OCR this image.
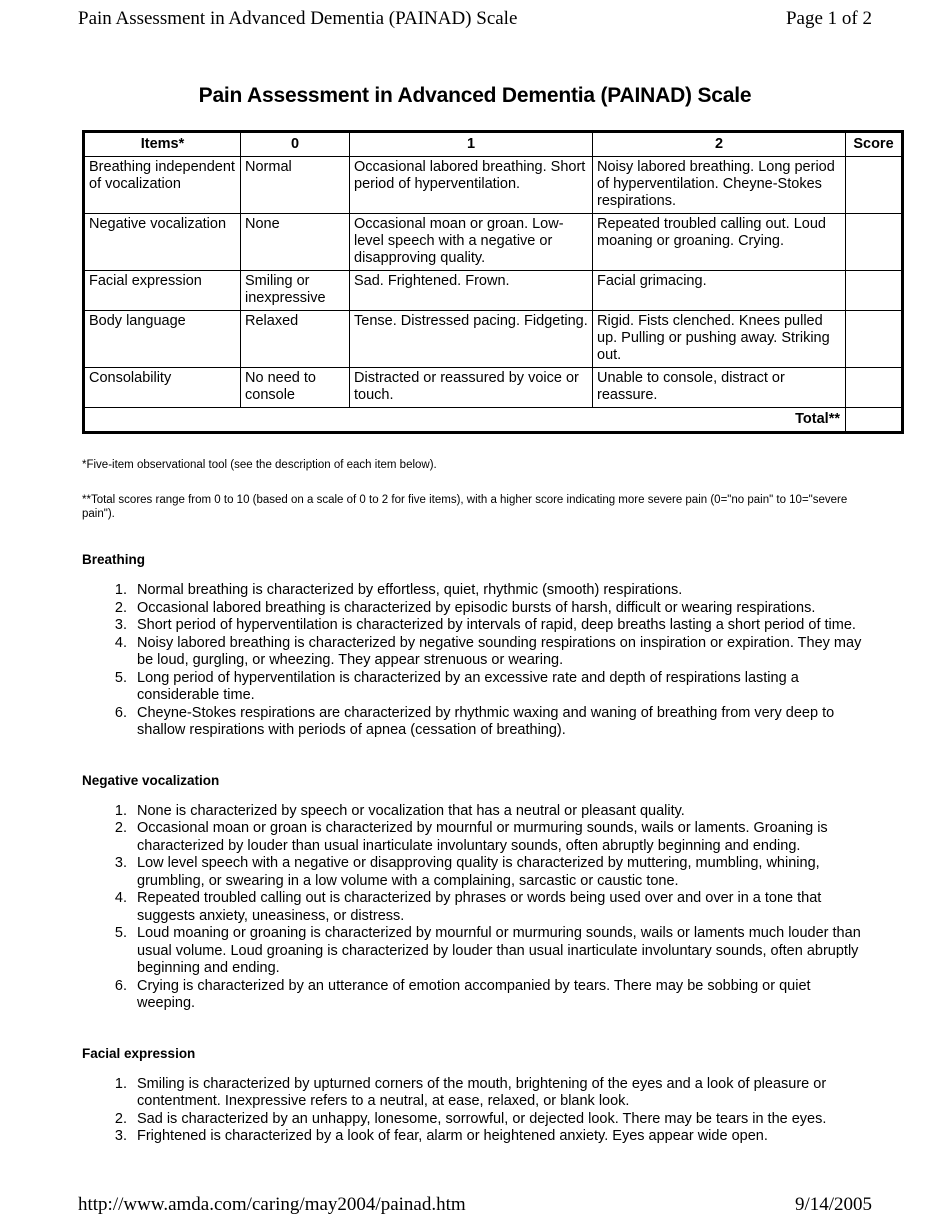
Pain Assessment in Advanced Dementia (PAINAD) Scale	Page 1 of 2
Pain Assessment in Advanced Dementia (PAINAD) Scale
Items*	0	1	2	Score
Breathing independent of vocalization	Normal	Occasional labored breathing. Short period of hyperventilation.	Noisy labored breathing. Long period of hyperventilation. Cheyne-Stokes respirations.	
Negative vocalization	None	Occasional moan or groan. Low-level speech with a negative or disapproving quality.	Repeated troubled calling out. Loud moaning or groaning. Crying.	
Facial expression	Smiling or inexpressive	Sad. Frightened. Frown.	Facial grimacing.	
Body language	Relaxed	Tense. Distressed pacing. Fidgeting.	Rigid. Fists clenched. Knees pulled up. Pulling or pushing away. Striking out.	
Consolability	No need to console	Distracted or reassured by voice or touch.	Unable to console, distract or reassure.	
Total**				

*Five-item observational tool (see the description of each item below).

**Total scores range from 0 to 10 (based on a scale of 0 to 2 for five items), with a higher score indicating more severe pain (0="no pain" to 10="severe pain").

Breathing
1. Normal breathing is characterized by effortless, quiet, rhythmic (smooth) respirations.
2. Occasional labored breathing is characterized by episodic bursts of harsh, difficult or wearing respirations.
3. Short period of hyperventilation is characterized by intervals of rapid, deep breaths lasting a short period of time.
4. Noisy labored breathing is characterized by negative sounding respirations on inspiration or expiration. They may be loud, gurgling, or wheezing. They appear strenuous or wearing.
5. Long period of hyperventilation is characterized by an excessive rate and depth of respirations lasting a considerable time.
6. Cheyne-Stokes respirations are characterized by rhythmic waxing and waning of breathing from very deep to shallow respirations with periods of apnea (cessation of breathing).
Negative vocalization
1. None is characterized by speech or vocalization that has a neutral or pleasant quality.
2. Occasional moan or groan is characterized by mournful or murmuring sounds, wails or laments. Groaning is characterized by louder than usual inarticulate involuntary sounds, often abruptly beginning and ending.
3. Low level speech with a negative or disapproving quality is characterized by muttering, mumbling, whining, grumbling, or swearing in a low volume with a complaining, sarcastic or caustic tone.
4. Repeated troubled calling out is characterized by phrases or words being used over and over in a tone that suggests anxiety, uneasiness, or distress.
5. Loud moaning or groaning is characterized by mournful or murmuring sounds, wails or laments much louder than usual volume. Loud groaning is characterized by louder than usual inarticulate involuntary sounds, often abruptly beginning and ending.
6. Crying is characterized by an utterance of emotion accompanied by tears. There may be sobbing or quiet weeping.
Facial expression
1. Smiling is characterized by upturned corners of the mouth, brightening of the eyes and a look of pleasure or contentment. Inexpressive refers to a neutral, at ease, relaxed, or blank look.
2. Sad is characterized by an unhappy, lonesome, sorrowful, or dejected look. There may be tears in the eyes.
3. Frightened is characterized by a look of fear, alarm or heightened anxiety. Eyes appear wide open.
http://www.amda.com/caring/may2004/painad.htm	9/14/2005
